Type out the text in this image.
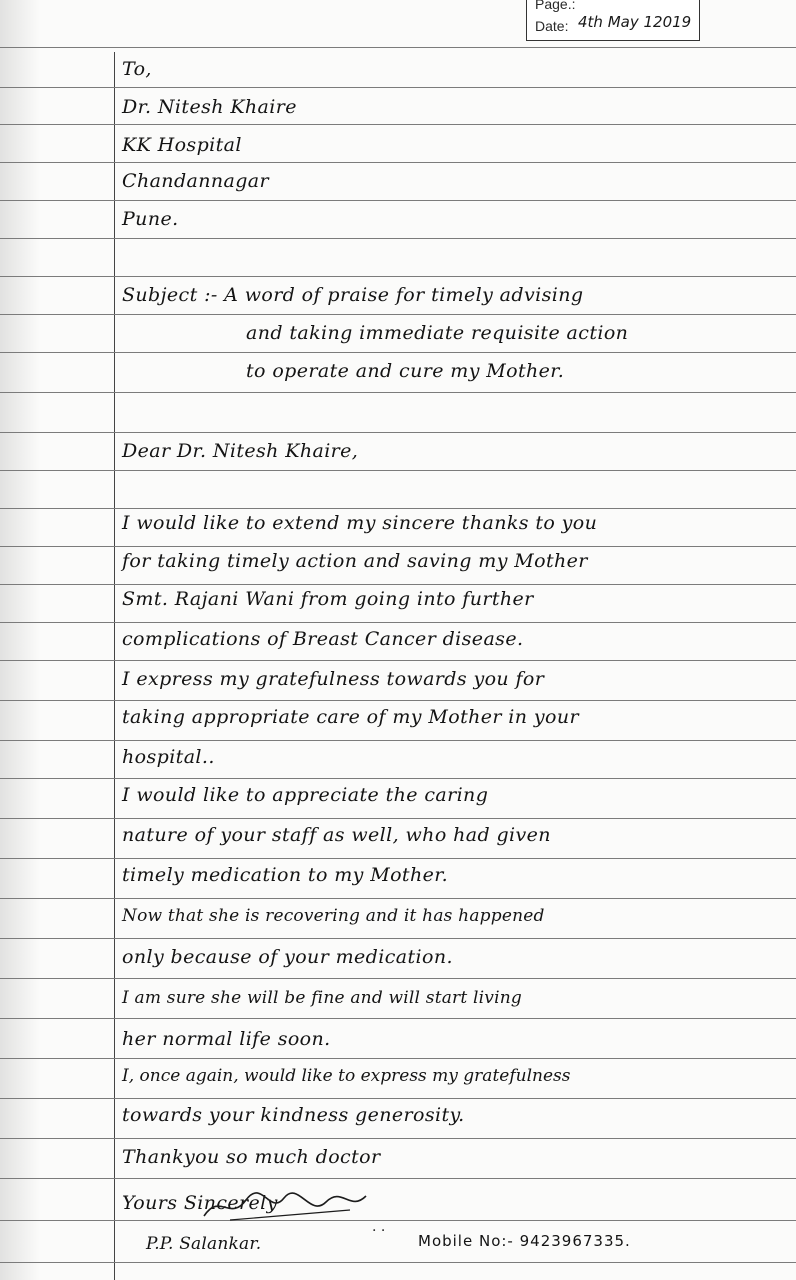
Page.:
Date: 4th May 12019
To,
Dr. Nitesh Khaire
KK Hospital
Chandannagar
Pune.
Subject :- A word of praise for timely advising
and taking immediate requisite action
to operate and cure my Mother.
Dear Dr. Nitesh Khaire,
I would like to extend my sincere thanks to you
for taking timely action and saving my Mother
Smt. Rajani Wani from going into further
complications of Breast Cancer disease.
I express my gratefulness towards you for
taking appropriate care of my Mother in your
hospital..
I would like to appreciate the caring
nature of your staff as well, who had given
timely medication to my Mother.
Now that she is recovering and it has happened
only because of your medication.
I am sure she will be fine and will start living
her normal life soon.
I, once again, would like to express my gratefulness
towards your kindness generosity.
Thankyou so much doctor
Yours Sincerely
P.P. Salankar.
· ·
Mobile No:- 9423967335.
